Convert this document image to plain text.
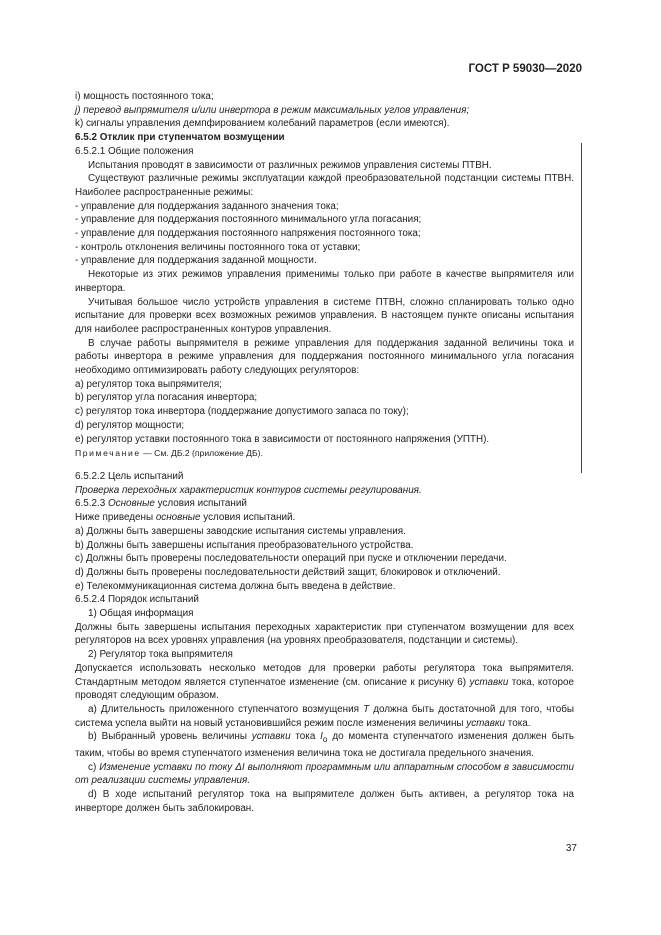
ГОСТ Р 59030—2020

i) мощность постоянного тока;

j) перевод выпрямителя и/или инвертора в режим максимальных углов управления;

k) сигналы управления демпфированием колебаний параметров (если имеются).

6.5.2 Отклик при ступенчатом возмущении

6.5.2.1 Общие положения

Испытания проводят в зависимости от различных режимов управления системы ПТВН.

Существуют различные режимы эксплуатации каждой преобразовательной подстанции системы ПТВН. Наиболее распространенные режимы:

- управление для поддержания заданного значения тока;

- управление для поддержания постоянного минимального угла погасания;

- управление для поддержания постоянного напряжения постоянного тока;

- контроль отклонения величины постоянного тока от уставки;

- управление для поддержания заданной мощности.

Некоторые из этих режимов управления применимы только при работе в качестве выпрямителя или инвертора.

Учитывая большое число устройств управления в системе ПТВН, сложно спланировать только одно испытание для проверки всех возможных режимов управления. В настоящем пункте описаны испытания для наиболее распространенных контуров управления.

В случае работы выпрямителя в режиме управления для поддержания заданной величины тока и работы инвертора в режиме управления для поддержания постоянного минимального угла погасания необходимо оптимизировать работу следующих регуляторов:

a) регулятор тока выпрямителя;

b) регулятор угла погасания инвертора;

c) регулятор тока инвертора (поддержание допустимого запаса по току);

d) регулятор мощности;

e) регулятор уставки постоянного тока в зависимости от постоянного напряжения (УПТН).

Примечание — См. ДБ.2 (приложение ДБ).

6.5.2.2 Цель испытаний

Проверка переходных характеристик контуров системы регулирования.

6.5.2.3 Основные условия испытаний

Ниже приведены основные условия испытаний.

a) Должны быть завершены заводские испытания системы управления.

b) Должны быть завершены испытания преобразовательного устройства.

c) Должны быть проверены последовательности операций при пуске и отключении передачи.

d) Должны быть проверены последовательности действий защит, блокировок и отключений.

e) Телекоммуникационная система должна быть введена в действие.

6.5.2.4 Порядок испытаний

1) Общая информация

Должны быть завершены испытания переходных характеристик при ступенчатом возмущении для всех регуляторов на всех уровнях управления (на уровнях преобразователя, подстанции и системы).

2) Регулятор тока выпрямителя

Допускается использовать несколько методов для проверки работы регулятора тока выпрямителя. Стандартным методом является ступенчатое изменение (см. описание к рисунку 6) уставки тока, которое проводят следующим образом.

a) Длительность приложенного ступенчатого возмущения T должна быть достаточной для того, чтобы система успела выйти на новый установившийся режим после изменения величины уставки тока.

b) Выбранный уровень величины уставки тока $I_o$ до момента ступенчатого изменения должен быть таким, чтобы во время ступенчатого изменения величина тока не достигала предельного значения.

c) Изменение уставки по току ΔI выполняют программным или аппаратным способом в зависимости от реализации системы управления.

d) В ходе испытаний регулятор тока на выпрямителе должен быть активен, а регулятор тока на инверторе должен быть заблокирован.

37
